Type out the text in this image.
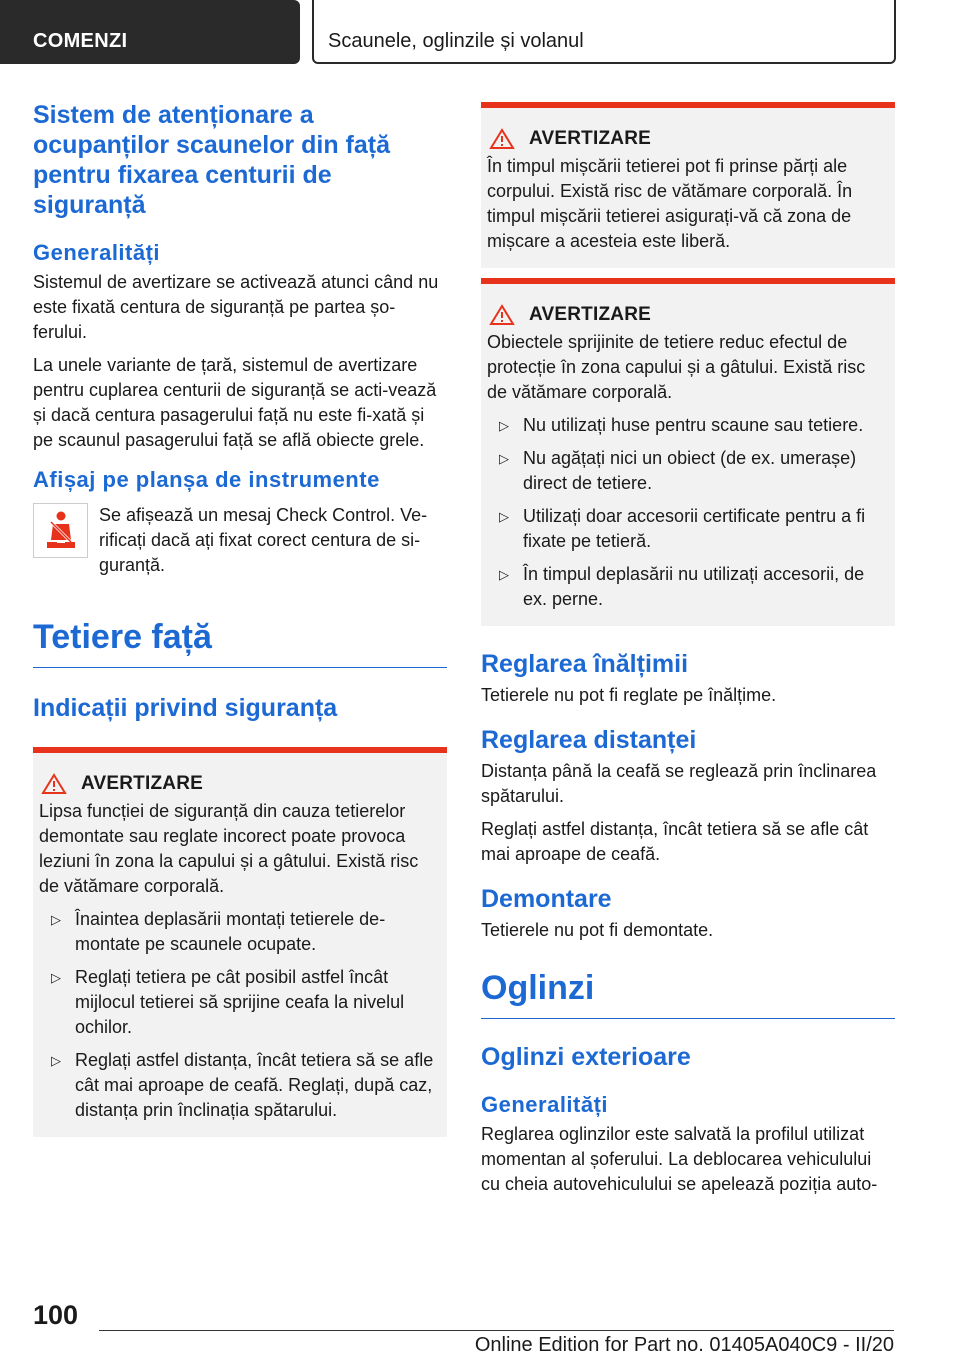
COMENZI	Scaunele, oglinzile și volanul
Sistem de atenționare a ocupanților scaunelor din față pentru fixarea centurii de siguranță
Generalități

Sistemul de avertizare se activează atunci când nu este fixată centura de siguranță pe partea șo-ferului.

La unele variante de țară, sistemul de avertizare pentru cuplarea centurii de siguranță se acti-vează și dacă centura pasagerului față nu este fi-xată și pe scaunul pasagerului față se află obiecte grele.

Afișaj pe planșa de instrumente

Se afișează un mesaj Check Control. Ve-rificați dacă ați fixat corect centura de si-guranță.

Tetiere față
Indicații privind siguranța
AVERTIZARE

Lipsa funcției de siguranță din cauza tetierelor demontate sau reglate incorect poate provoca leziuni în zona la capului și a gâtului. Există risc de vătămare corporală.

▷ Înaintea deplasării montați tetierele de-montate pe scaunele ocupate.
▷ Reglați tetiera pe cât posibil astfel încât mijlocul tetierei să sprijine ceafa la nivelul ochilor.
▷ Reglați astfel distanța, încât tetiera să se afle cât mai aproape de ceafă. Reglați, după caz, distanța prin înclinația spătarului.
AVERTIZARE

În timpul mișcării tetierei pot fi prinse părți ale corpului. Există risc de vătămare corporală. În timpul mișcării tetierei asigurați-vă că zona de mișcare a acesteia este liberă.

AVERTIZARE

Obiectele sprijinite de tetiere reduc efectul de protecție în zona capului și a gâtului. Există risc de vătămare corporală.

▷ Nu utilizați huse pentru scaune sau tetiere.
▷ Nu agățați nici un obiect (de ex. umerașe) direct de tetiere.
▷ Utilizați doar accesorii certificate pentru a fi fixate pe tetieră.
▷ În timpul deplasării nu utilizați accesorii, de ex. perne.
Reglarea înălțimii

Tetierele nu pot fi reglate pe înălțime.

Reglarea distanței

Distanța până la ceafă se reglează prin înclinarea spătarului.

Reglați astfel distanța, încât tetiera să se afle cât mai aproape de ceafă.

Demontare

Tetierele nu pot fi demontate.

Oglinzi
Oglinzi exterioare
Generalități

Reglarea oglinzilor este salvată la profilul utilizat momentan al șoferului. La deblocarea vehiculului cu cheia autovehiculului se apelează poziția auto-

100
Online Edition for Part no. 01405A040C9 - II/20
